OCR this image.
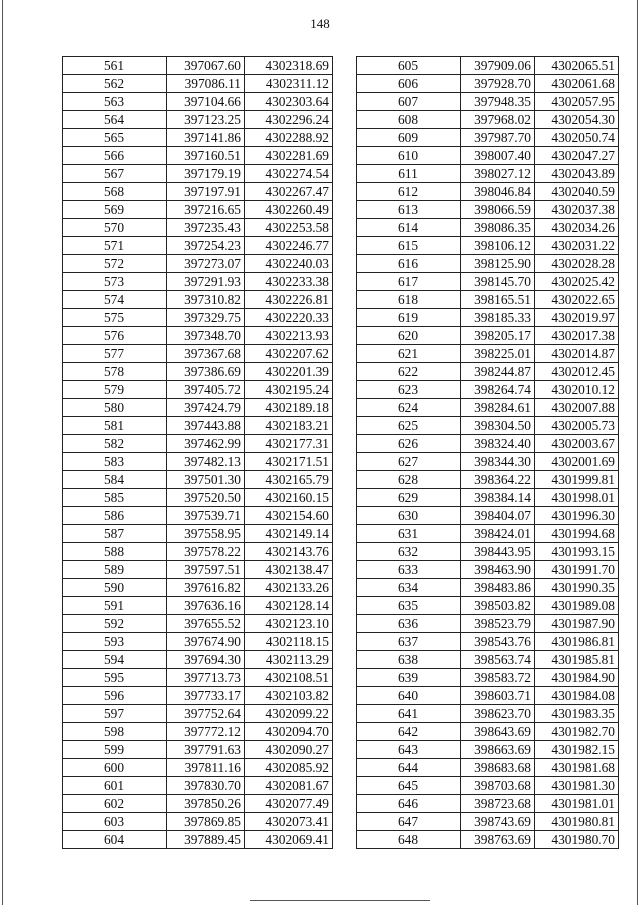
148
561	397067.60	4302318.69
562	397086.11	4302311.12
563	397104.66	4302303.64
564	397123.25	4302296.24
565	397141.86	4302288.92
566	397160.51	4302281.69
567	397179.19	4302274.54
568	397197.91	4302267.47
569	397216.65	4302260.49
570	397235.43	4302253.58
571	397254.23	4302246.77
572	397273.07	4302240.03
573	397291.93	4302233.38
574	397310.82	4302226.81
575	397329.75	4302220.33
576	397348.70	4302213.93
577	397367.68	4302207.62
578	397386.69	4302201.39
579	397405.72	4302195.24
580	397424.79	4302189.18
581	397443.88	4302183.21
582	397462.99	4302177.31
583	397482.13	4302171.51
584	397501.30	4302165.79
585	397520.50	4302160.15
586	397539.71	4302154.60
587	397558.95	4302149.14
588	397578.22	4302143.76
589	397597.51	4302138.47
590	397616.82	4302133.26
591	397636.16	4302128.14
592	397655.52	4302123.10
593	397674.90	4302118.15
594	397694.30	4302113.29
595	397713.73	4302108.51
596	397733.17	4302103.82
597	397752.64	4302099.22
598	397772.12	4302094.70
599	397791.63	4302090.27
600	397811.16	4302085.92
601	397830.70	4302081.67
602	397850.26	4302077.49
603	397869.85	4302073.41
604	397889.45	4302069.41
605	397909.06	4302065.51
606	397928.70	4302061.68
607	397948.35	4302057.95
608	397968.02	4302054.30
609	397987.70	4302050.74
610	398007.40	4302047.27
611	398027.12	4302043.89
612	398046.84	4302040.59
613	398066.59	4302037.38
614	398086.35	4302034.26
615	398106.12	4302031.22
616	398125.90	4302028.28
617	398145.70	4302025.42
618	398165.51	4302022.65
619	398185.33	4302019.97
620	398205.17	4302017.38
621	398225.01	4302014.87
622	398244.87	4302012.45
623	398264.74	4302010.12
624	398284.61	4302007.88
625	398304.50	4302005.73
626	398324.40	4302003.67
627	398344.30	4302001.69
628	398364.22	4301999.81
629	398384.14	4301998.01
630	398404.07	4301996.30
631	398424.01	4301994.68
632	398443.95	4301993.15
633	398463.90	4301991.70
634	398483.86	4301990.35
635	398503.82	4301989.08
636	398523.79	4301987.90
637	398543.76	4301986.81
638	398563.74	4301985.81
639	398583.72	4301984.90
640	398603.71	4301984.08
641	398623.70	4301983.35
642	398643.69	4301982.70
643	398663.69	4301982.15
644	398683.68	4301981.68
645	398703.68	4301981.30
646	398723.68	4301981.01
647	398743.69	4301980.81
648	398763.69	4301980.70
